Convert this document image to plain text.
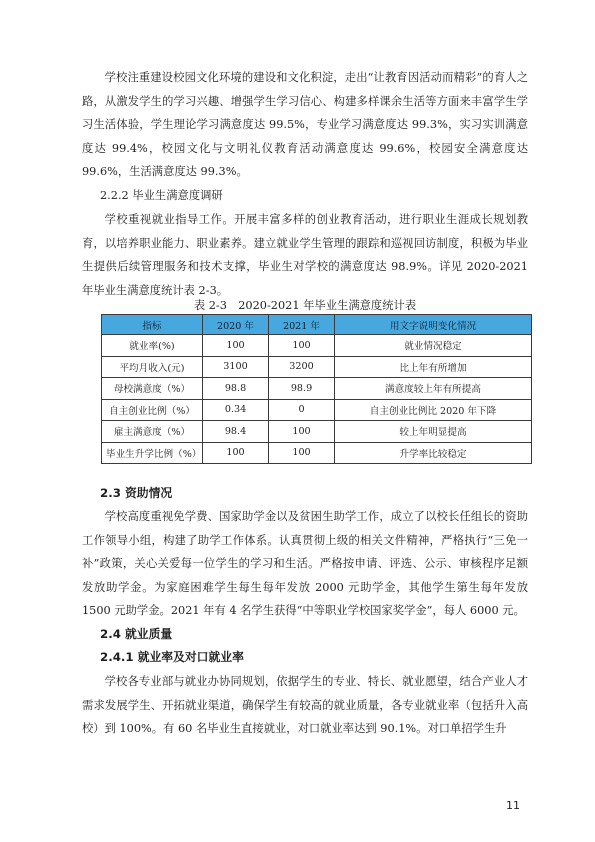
学校注重建设校园文化环境的建设和文化积淀，走出“让教育因活动而精彩”的育人之路，从激发学生的学习兴趣、增强学生学习信心、构建多样课余生活等方面来丰富学生学习生活体验，学生理论学习满意度达 99.5%，专业学习满意度达 99.3%，实习实训满意度达 99.4%，校园文化与文明礼仪教育活动满意度达 99.6%，校园安全满意度达 99.6%，生活满意度达 99.3%。

2.2.2 毕业生满意度调研

学校重视就业指导工作。开展丰富多样的创业教育活动，进行职业生涯成长规划教育，以培养职业能力、职业素养。建立就业学生管理的跟踪和巡视回访制度，积极为毕业生提供后续管理服务和技术支撑，毕业生对学校的满意度达 98.9%。详见 2020-2021 年毕业生满意度统计表 2-3。

表 2-3　2020-2021 年毕业生满意度统计表

指标	2020 年	2021 年	用文字说明变化情况
就业率(%)	100	100	就业情况稳定
平均月收入(元)	3100	3200	比上年有所增加
母校满意度（%）	98.8	98.9	满意度较上年有所提高
自主创业比例（%）	0.34	0	自主创业比例比 2020 年下降
雇主满意度（%）	98.4	100	较上年明显提高
毕业生升学比例（%）	100	100	升学率比较稳定

2.3 资助情况

学校高度重视免学费、国家助学金以及贫困生助学工作，成立了以校长任组长的资助工作领导小组，构建了助学工作体系。认真贯彻上级的相关文件精神，严格执行“三免一补”政策，关心关爱每一位学生的学习和生活。严格按申请、评选、公示、审核程序足额发放助学金。为家庭困难学生每生每年发放 2000 元助学金，其他学生第生每年发放 1500 元助学金。2021 年有 4 名学生获得“中等职业学校国家奖学金”，每人 6000 元。

2.4 就业质量

2.4.1 就业率及对口就业率

学校各专业部与就业办协同规划，依据学生的专业、特长、就业愿望，结合产业人才需求发展学生、开拓就业渠道，确保学生有较高的就业质量，各专业就业率（包括升入高校）到 100%。有 60 名毕业生直接就业，对口就业率达到 90.1%。对口单招学生升

11
